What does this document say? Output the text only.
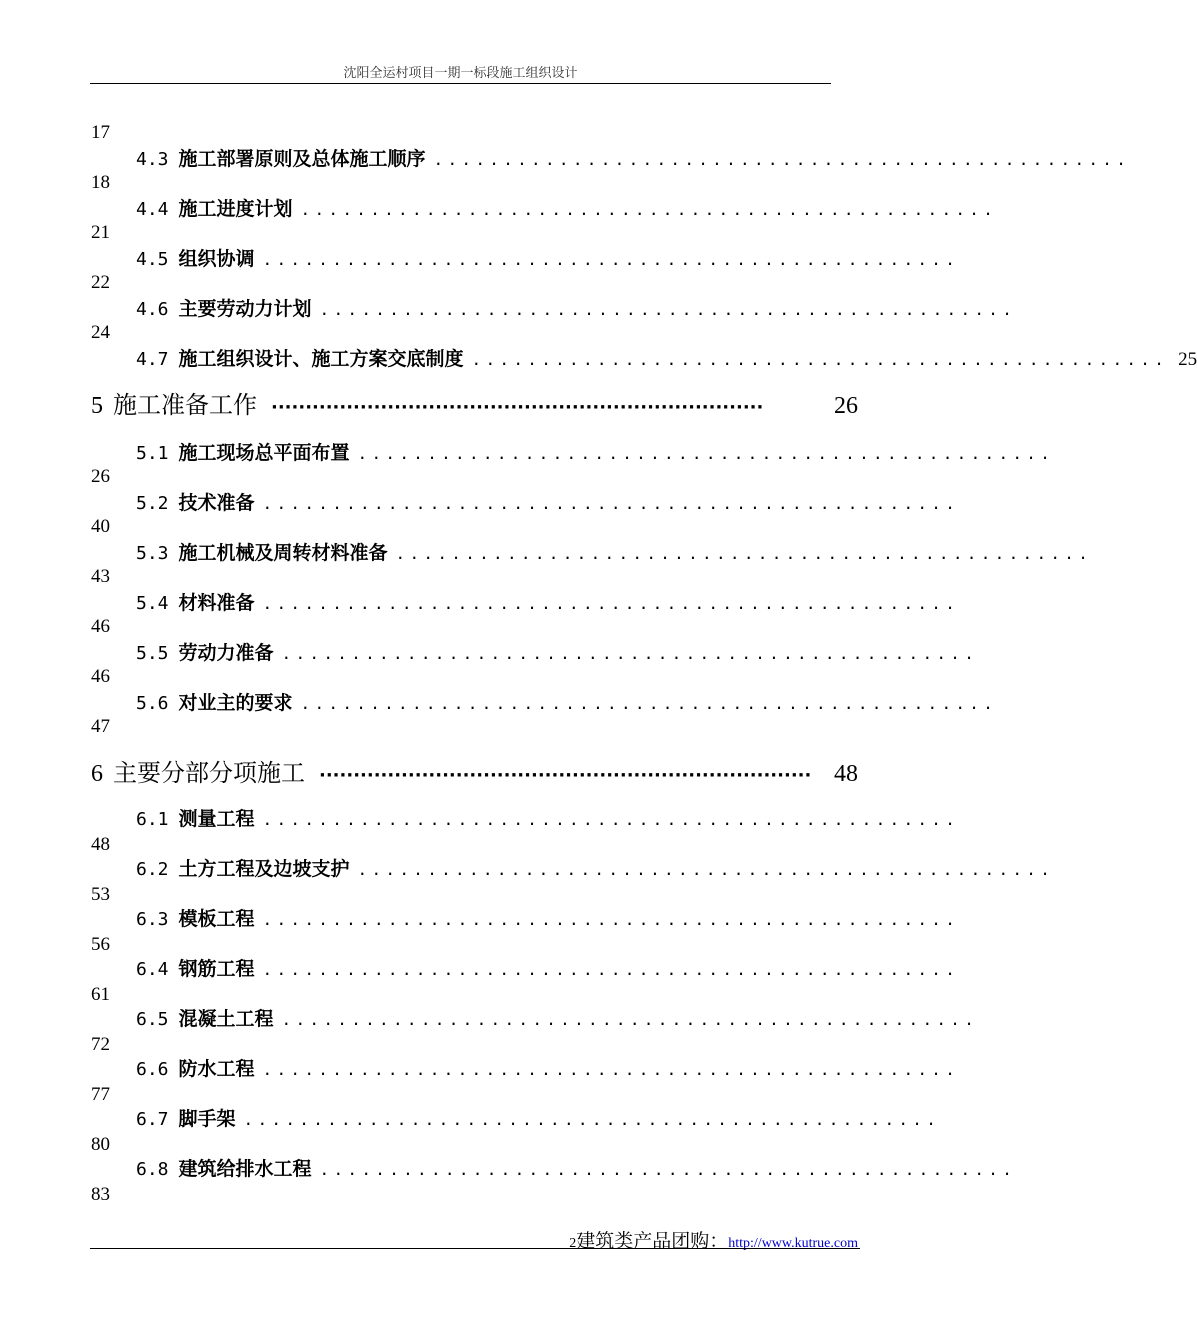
沈阳全运村项目一期一标段施工组织设计
17
4.3 施工部署原则及总体施工顺序 ..................................................
18
4.4 施工进度计划 ..................................................
21
4.5 组织协调 ..................................................
22
4.6 主要劳动力计划 ..................................................
24
4.7 施工组织设计、施工方案交底制度 .................................................. 25
5 施工准备工作 ········································································	26
5.1 施工现场总平面布置 ..................................................
26
5.2 技术准备 ..................................................
40
5.3 施工机械及周转材料准备 ..................................................
43
5.4 材料准备 ..................................................
46
5.5 劳动力准备 ..................................................
46
5.6 对业主的要求 ..................................................
47
6 主要分部分项施工 ········································································ 48
6.1 测量工程 ..................................................
48
6.2 土方工程及边坡支护 ..................................................
53
6.3 模板工程 ..................................................
56
6.4 钢筋工程 ..................................................
61
6.5 混凝土工程 ..................................................
72
6.6 防水工程 ..................................................
77
6.7 脚手架 ..................................................
80
6.8 建筑给排水工程 ..................................................
83
2 建筑类产品团购： http://www.kutrue.com
